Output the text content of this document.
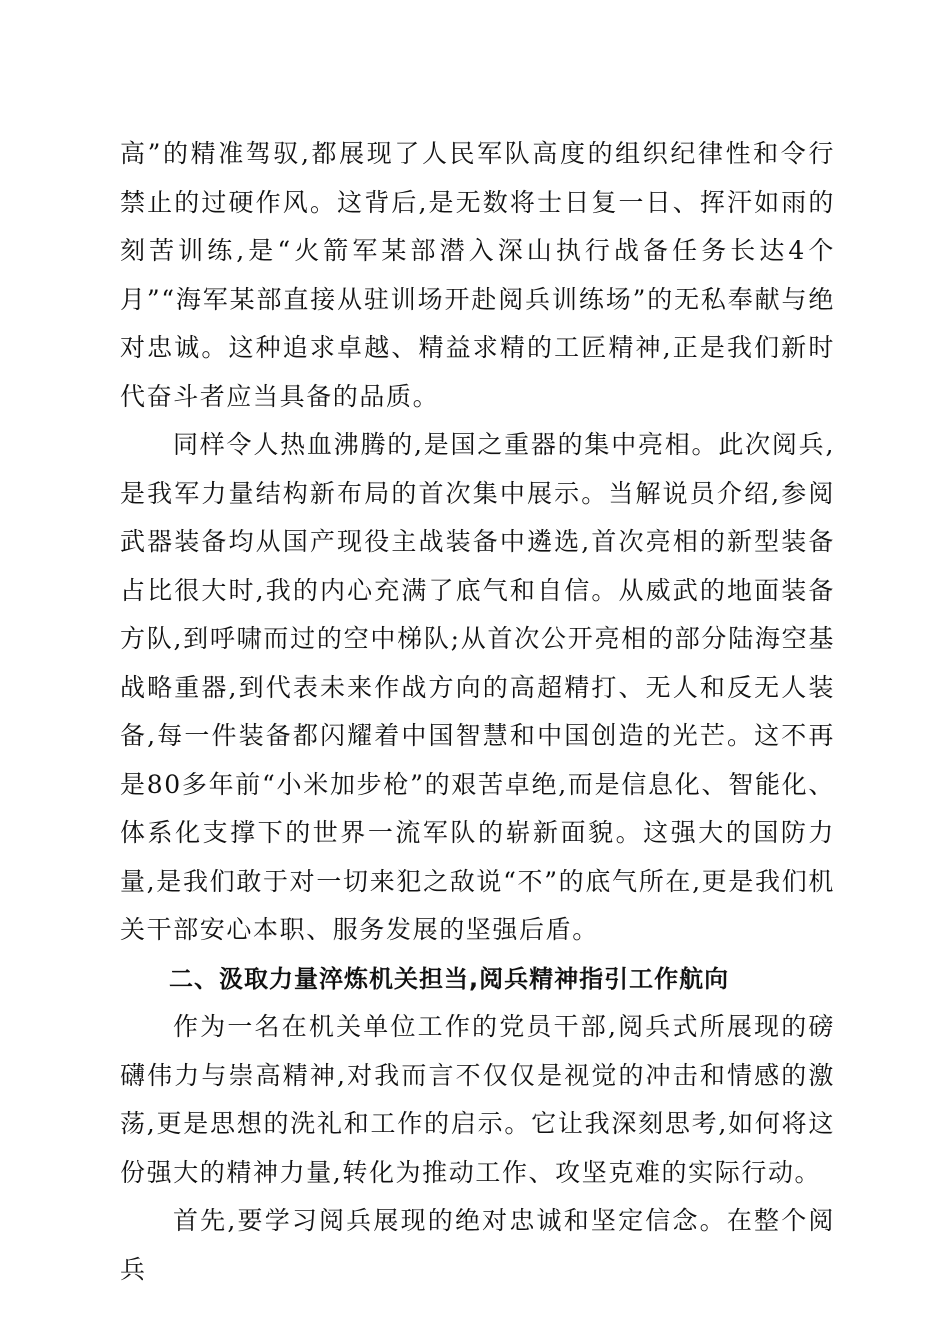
高”的精准驾驭,都展现了人民军队高度的组织纪律性和令行禁止的过硬作风。这背后,是无数将士日复一日、挥汗如雨的刻苦训练,是“火箭军某部潜入深山执行战备任务长达4个月”“海军某部直接从驻训场开赴阅兵训练场”的无私奉献与绝对忠诚。这种追求卓越、精益求精的工匠精神,正是我们新时代奋斗者应当具备的品质。

同样令人热血沸腾的,是国之重器的集中亮相。此次阅兵,是我军力量结构新布局的首次集中展示。当解说员介绍,参阅武器装备均从国产现役主战装备中遴选,首次亮相的新型装备占比很大时,我的内心充满了底气和自信。从威武的地面装备方队,到呼啸而过的空中梯队;从首次公开亮相的部分陆海空基战略重器,到代表未来作战方向的高超精打、无人和反无人装备,每一件装备都闪耀着中国智慧和中国创造的光芒。这不再是80多年前“小米加步枪”的艰苦卓绝,而是信息化、智能化、体系化支撑下的世界一流军队的崭新面貌。这强大的国防力量,是我们敢于对一切来犯之敌说“不”的底气所在,更是我们机关干部安心本职、服务发展的坚强后盾。

二、汲取力量淬炼机关担当,阅兵精神指引工作航向

作为一名在机关单位工作的党员干部,阅兵式所展现的磅礴伟力与崇高精神,对我而言不仅仅是视觉的冲击和情感的激荡,更是思想的洗礼和工作的启示。它让我深刻思考,如何将这份强大的精神力量,转化为推动工作、攻坚克难的实际行动。

首先,要学习阅兵展现的绝对忠诚和坚定信念。在整个阅兵
